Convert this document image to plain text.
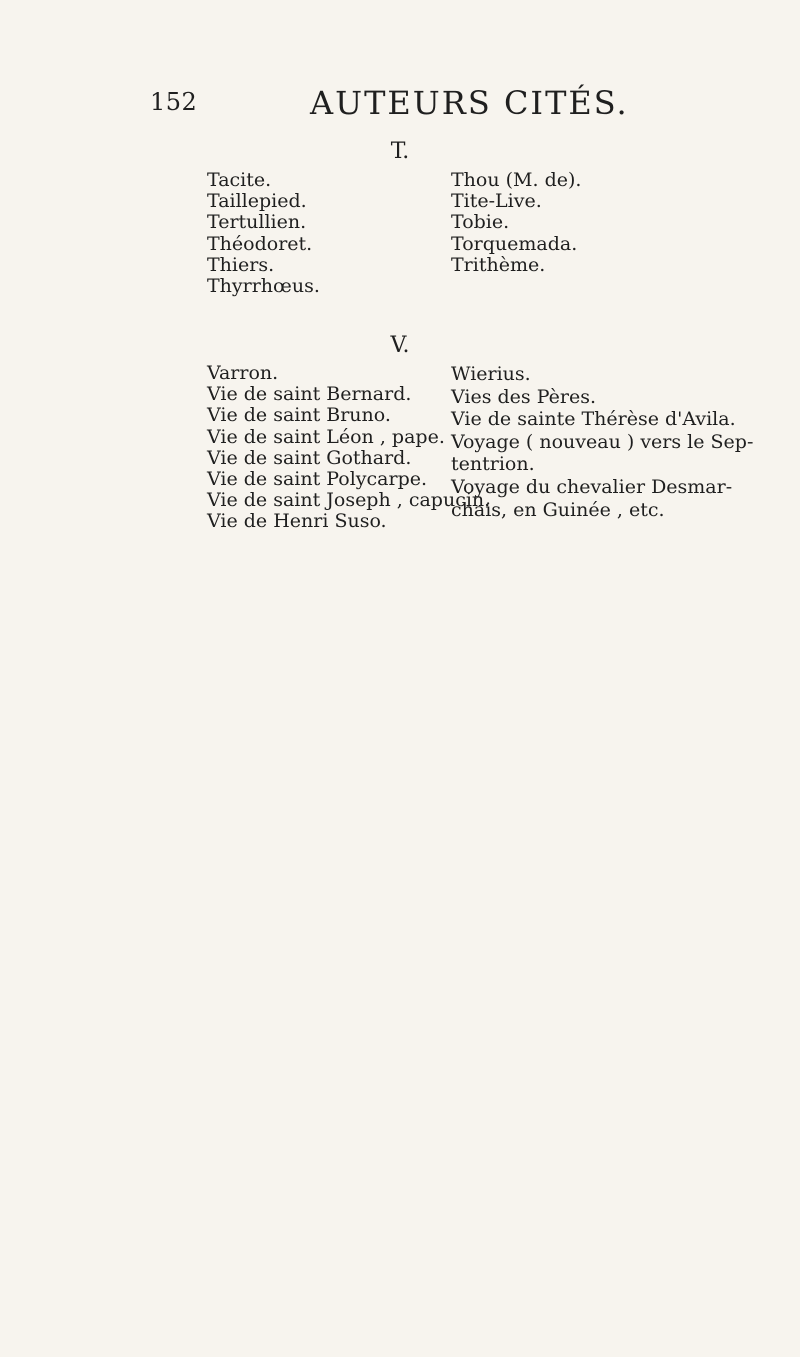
152	AUTEURS CITÉS.
T.
Tacite.
Taillepied.
Tertullien.
Théodoret.
Thiers.
Thyrrhœus.
Thou (M. de).
Tite-Live.
Tobie.
Torquemada.
Trithème.
V.
Varron.
Vie de saint Bernard.
Vie de saint Bruno.
Vie de saint Léon , pape.
Vie de saint Gothard.
Vie de saint Polycarpe.
Vie de saint Joseph , capucin.
Vie de Henri Suso.
Wierius.
Vies des Pères.
Vie de sainte Thérèse d'Avila.
Voyage ( nouveau ) vers le Sep-
tentrion.
Voyage du chevalier Desmar-
chais, en Guinée , etc.
